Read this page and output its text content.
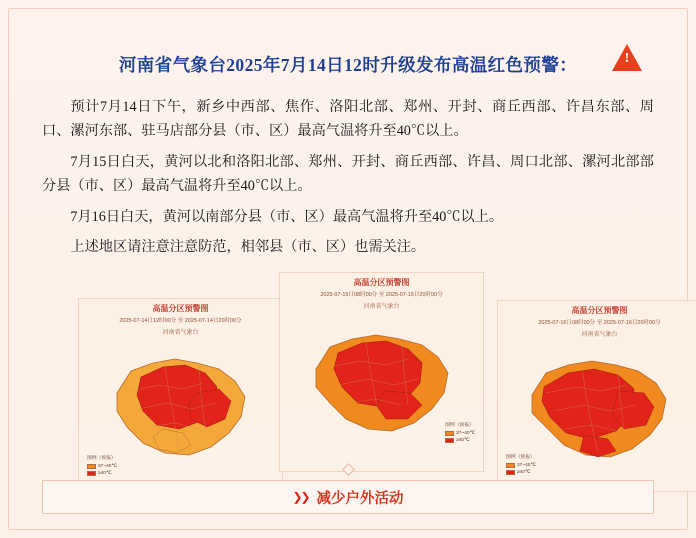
!
河南省气象台2025年7月14日12时升级发布高温红色预警：

预计7月14日下午，新乡中西部、焦作、洛阳北部、郑州、开封、商丘西部、许昌东部、周口、漯河东部、驻马店部分县（市、区）最高气温将升至40℃以上。

7月15日白天，黄河以北和洛阳北部、郑州、开封、商丘西部、许昌、周口北部、漯河北部部分县（市、区）最高气温将升至40℃以上。

7月16日白天，黄河以南部分县（市、区）最高气温将升至40℃以上。

上述地区请注意注意防范，相邻县（市、区）也需关注。

高温分区预警图
2025-07-14日12时00分 至 2025-07-14日20时00分
河南省气象台
图例（预报）
37~40℃
≥40℃
高温分区预警图
2025-07-15日08时00分 至 2025-07-15日20时00分
河南省气象台
图例（预报）
37~40℃
≥40℃
高温分区预警图
2025-07-16日08时00分 至 2025-07-16日20时00分
河南省气象台
图例（预报）
37~40℃
≥40℃
❯❯ 减少户外活动
